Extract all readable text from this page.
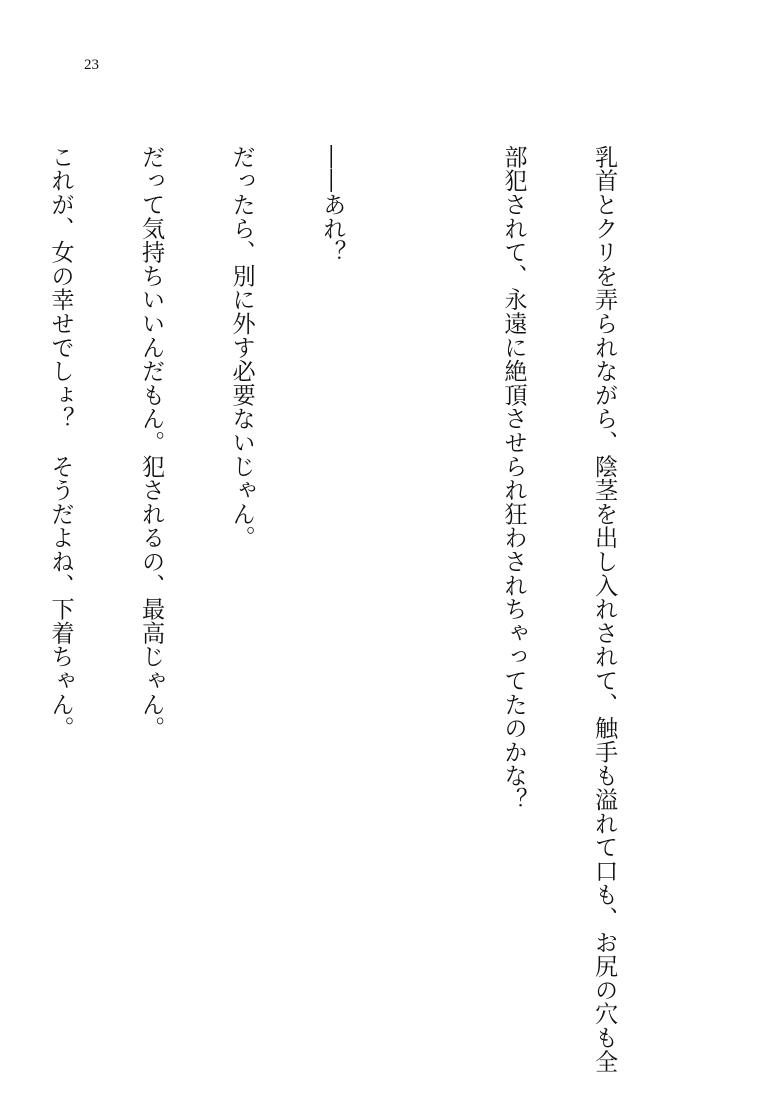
23

乳首とクリを弄られながら、陰茎を出し入れされて、触手も溢れて口も、お尻の穴も全

部犯されて、永遠に絶頂させられ狂わされちゃってたのかな？

――あれ？

だったら、別に外す必要ないじゃん。

だって気持ちいいんだもん。犯されるの、最高じゃん。

これが、女の幸せでしょ？　そうだよね、下着ちゃん。
